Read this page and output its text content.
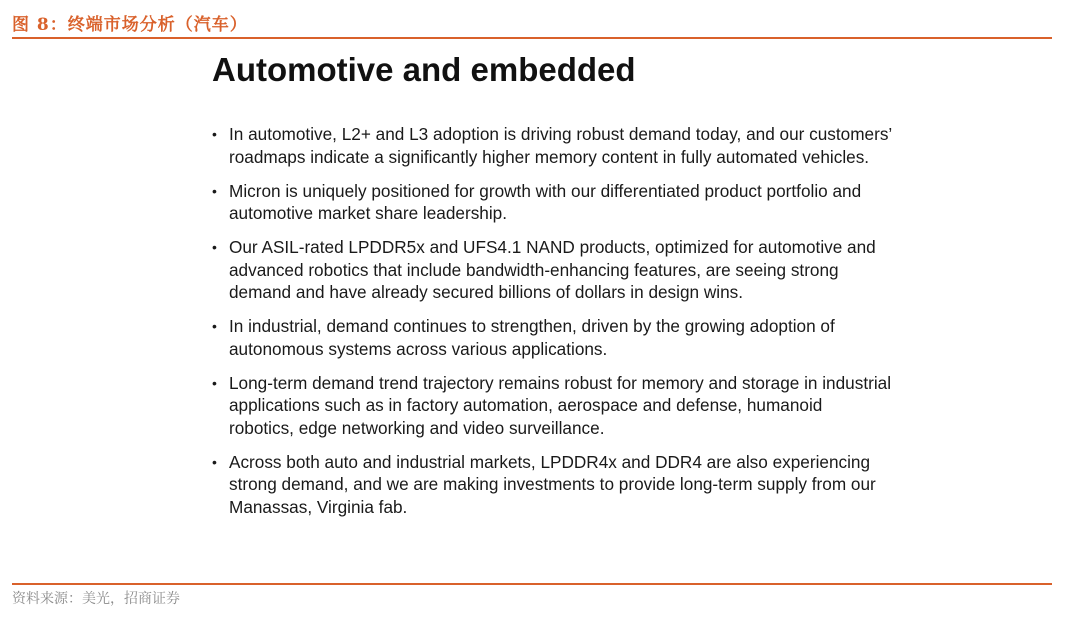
图 8：终端市场分析（汽车）
Automotive and embedded
• In automotive, L2+ and L3 adoption is driving robust demand today, and our customers’ roadmaps indicate a significantly higher memory content in fully automated vehicles.
• Micron is uniquely positioned for growth with our differentiated product portfolio and automotive market share leadership.
• Our ASIL-rated LPDDR5x and UFS4.1 NAND products, optimized for automotive and advanced robotics that include bandwidth-enhancing features, are seeing strong demand and have already secured billions of dollars in design wins.
• In industrial, demand continues to strengthen, driven by the growing adoption of autonomous systems across various applications.
• Long-term demand trend trajectory remains robust for memory and storage in industrial applications such as in factory automation, aerospace and defense, humanoid robotics, edge networking and video surveillance.
• Across both auto and industrial markets, LPDDR4x and DDR4 are also experiencing strong demand, and we are making investments to provide long-term supply from our Manassas, Virginia fab.
资料来源：美光，招商证券
